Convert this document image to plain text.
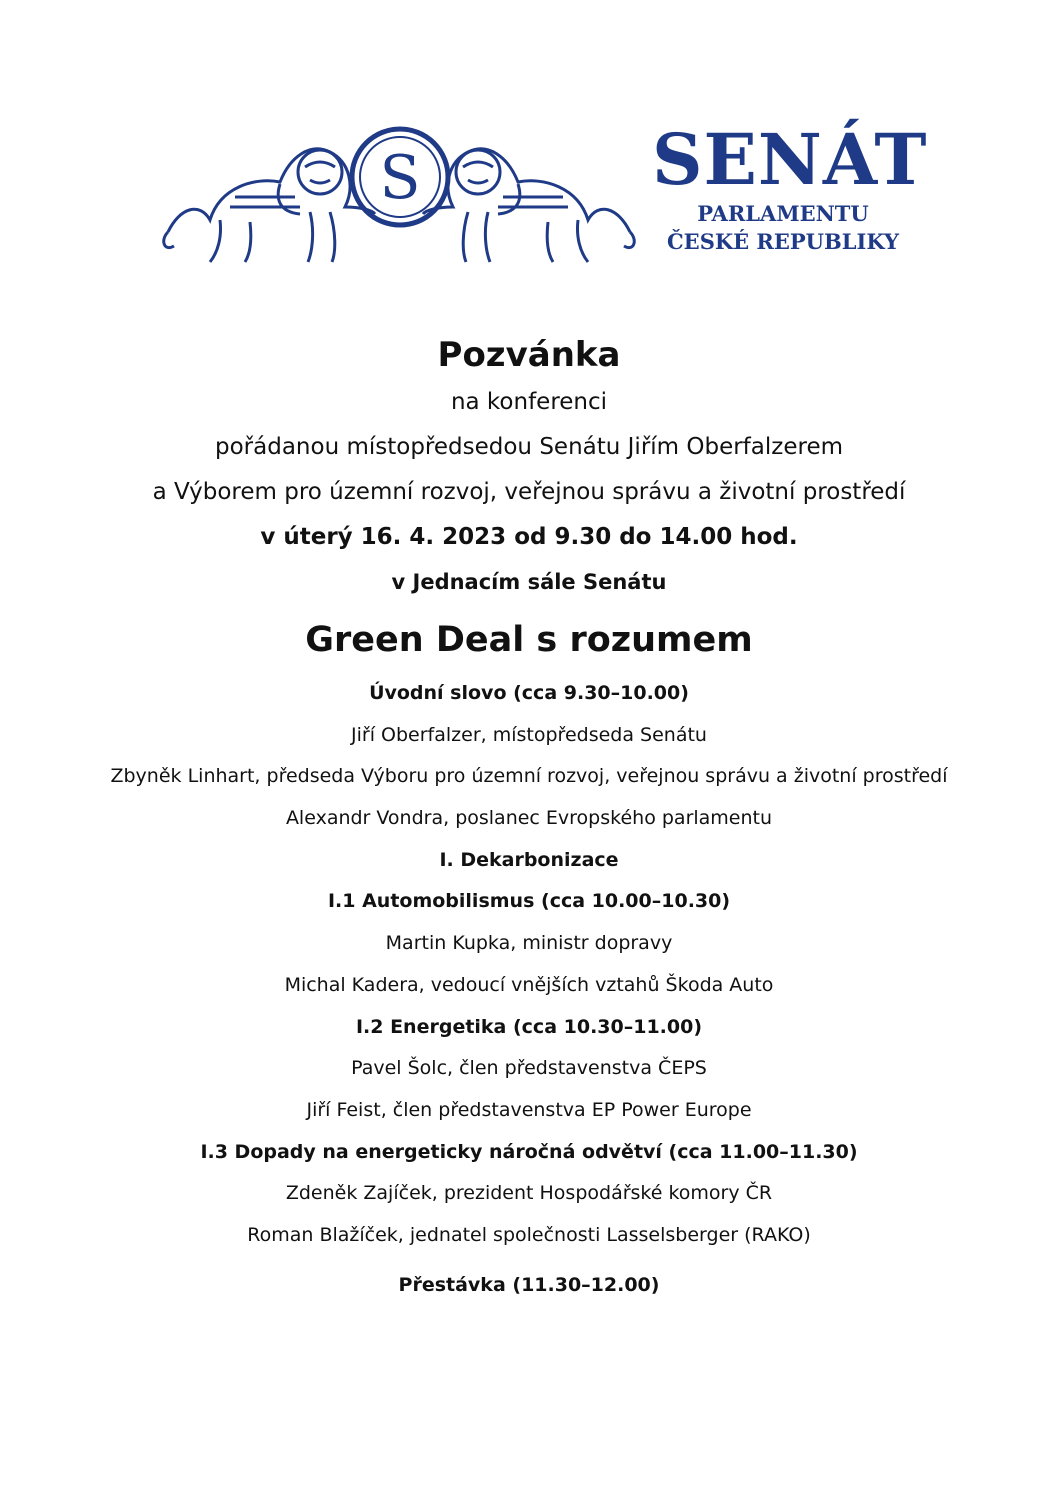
S	SENÁT

PARLAMENTU

ČESKÉ REPUBLIKY

Pozvánka
na konferenci
pořádanou místopředsedou Senátu Jiřím Oberfalzerem
a Výborem pro územní rozvoj, veřejnou správu a životní prostředí
v úterý 16. 4. 2023 od 9.30 do 14.00 hod.
v Jednacím sále Senátu
Green Deal s rozumem
Úvodní slovo (cca 9.30–10.00)
Jiří Oberfalzer, místopředseda Senátu
Zbyněk Linhart, předseda Výboru pro územní rozvoj, veřejnou správu a životní prostředí
Alexandr Vondra, poslanec Evropského parlamentu
I. Dekarbonizace
I.1 Automobilismus (cca 10.00–10.30)
Martin Kupka, ministr dopravy
Michal Kadera, vedoucí vnějších vztahů Škoda Auto
I.2 Energetika (cca 10.30–11.00)
Pavel Šolc, člen představenstva ČEPS
Jiří Feist, člen představenstva EP Power Europe
I.3 Dopady na energeticky náročná odvětví (cca 11.00–11.30)
Zdeněk Zajíček, prezident Hospodářské komory ČR
Roman Blažíček, jednatel společnosti Lasselsberger (RAKO)
Přestávka (11.30–12.00)
